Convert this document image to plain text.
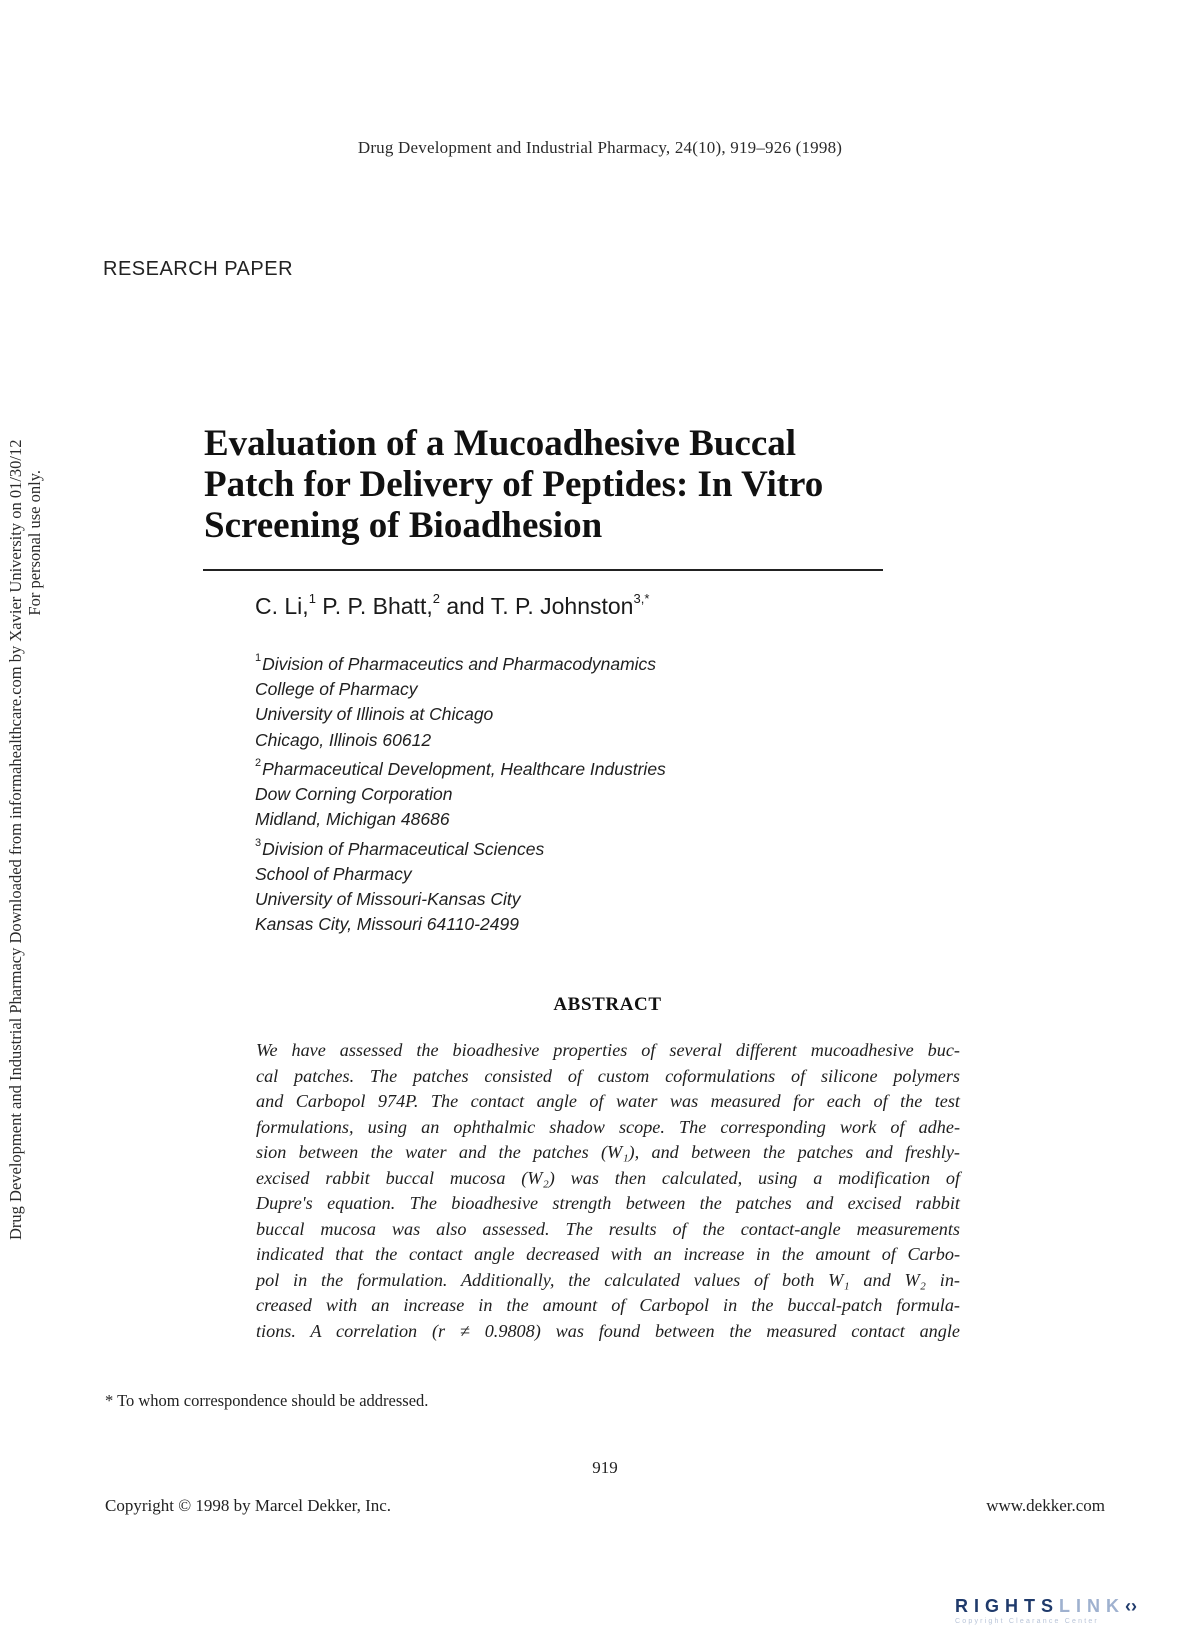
Drug Development and Industrial Pharmacy, 24(10), 919–926 (1998)
RESEARCH PAPER
Drug Development and Industrial Pharmacy Downloaded from informahealthcare.com by Xavier University on 01/30/12 For personal use only.
Evaluation of a Mucoadhesive Buccal
Patch for Delivery of Peptides: In Vitro
Screening of Bioadhesion
C. Li,$^1$ P. P. Bhatt,$^2$ and T. P. Johnston$^{3,*}$
$^1$Division of Pharmaceutics and Pharmacodynamics
College of Pharmacy
University of Illinois at Chicago
Chicago, Illinois 60612
$^2$Pharmaceutical Development, Healthcare Industries
Dow Corning Corporation
Midland, Michigan 48686
$^3$Division of Pharmaceutical Sciences
School of Pharmacy
University of Missouri-Kansas City
Kansas City, Missouri 64110-2499
ABSTRACT
We have assessed the bioadhesive properties of several different mucoadhesive buc-
cal patches. The patches consisted of custom coformulations of silicone polymers
and Carbopol 974P. The contact angle of water was measured for each of the test
formulations, using an ophthalmic shadow scope. The corresponding work of adhe-
sion between the water and the patches (W₁), and between the patches and freshly-
excised rabbit buccal mucosa (W₂) was then calculated, using a modification of
Dupre's equation. The bioadhesive strength between the patches and excised rabbit
buccal mucosa was also assessed. The results of the contact-angle measurements
indicated that the contact angle decreased with an increase in the amount of Carbo-
pol in the formulation. Additionally, the calculated values of both W₁ and W₂ in-
creased with an increase in the amount of Carbopol in the buccal-patch formula-
tions. A correlation (r ≠ 0.9808) was found between the measured contact angle
* To whom correspondence should be addressed.
919
Copyright © 1998 by Marcel Dekker, Inc.	www.dekker.com
RIGHTSLINK‹›
Copyright Clearance Center
